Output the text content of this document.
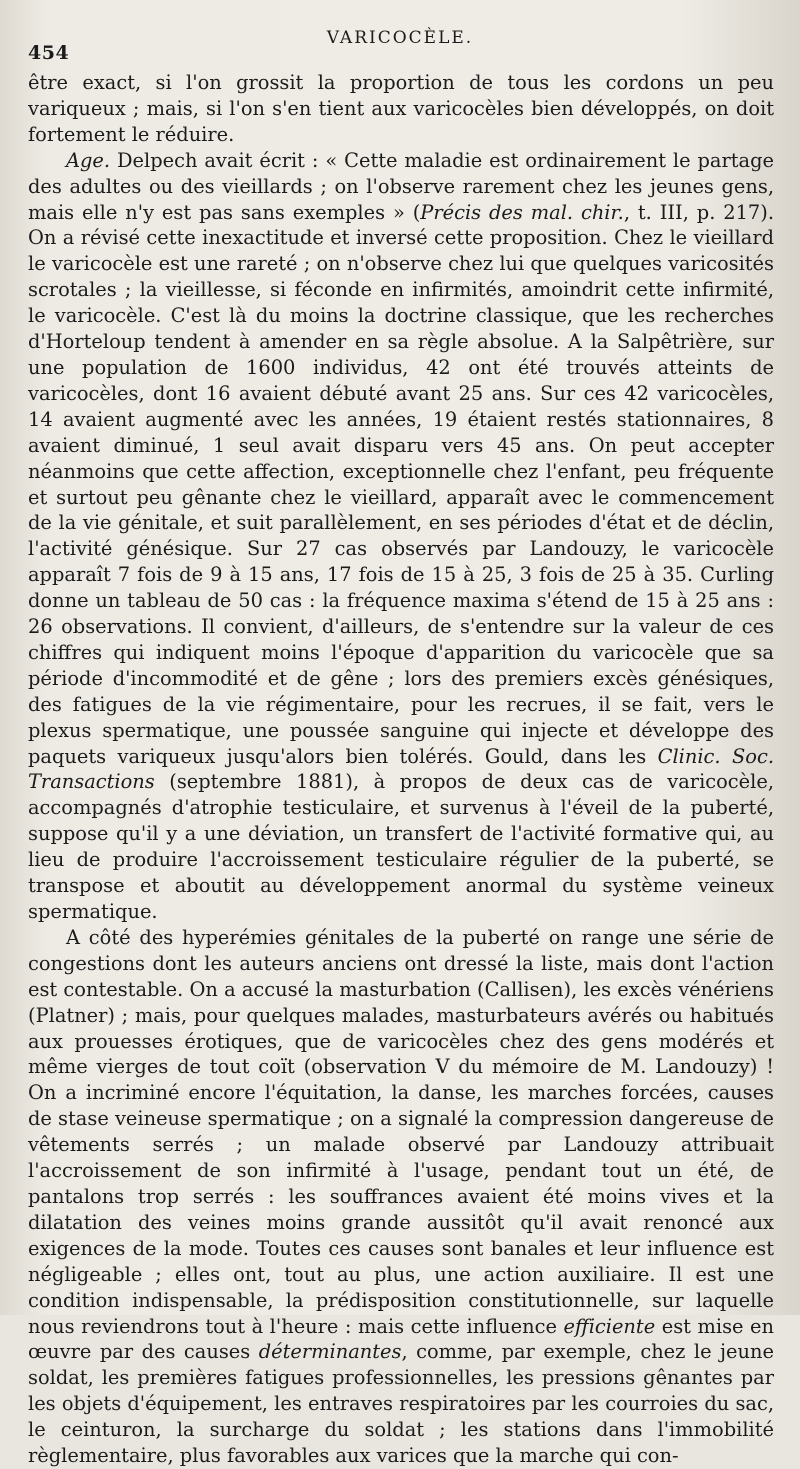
454
VARICOCÈLE.

être exact, si l'on grossit la proportion de tous les cordons un peu variqueux ; mais, si l'on s'en tient aux varicocèles bien développés, on doit fortement le réduire.

Age. Delpech avait écrit : « Cette maladie est ordinairement le partage des adultes ou des vieillards ; on l'observe rarement chez les jeunes gens, mais elle n'y est pas sans exemples » (Précis des mal. chir., t. III, p. 217). On a révisé cette inexactitude et inversé cette proposition. Chez le vieillard le varicocèle est une rareté ; on n'observe chez lui que quelques varicosités scrotales ; la vieillesse, si féconde en infirmités, amoindrit cette infirmité, le varicocèle. C'est là du moins la doctrine classique, que les recherches d'Horteloup tendent à amender en sa règle absolue. A la Salpêtrière, sur une population de 1600 individus, 42 ont été trouvés atteints de varicocèles, dont 16 avaient débuté avant 25 ans. Sur ces 42 varicocèles, 14 avaient augmenté avec les années, 19 étaient restés stationnaires, 8 avaient diminué, 1 seul avait disparu vers 45 ans. On peut accepter néanmoins que cette affection, exceptionnelle chez l'enfant, peu fréquente et surtout peu gênante chez le vieillard, apparaît avec le commencement de la vie génitale, et suit parallèlement, en ses périodes d'état et de déclin, l'activité génésique. Sur 27 cas observés par Landouzy, le varicocèle apparaît 7 fois de 9 à 15 ans, 17 fois de 15 à 25, 3 fois de 25 à 35. Curling donne un tableau de 50 cas : la fréquence maxima s'étend de 15 à 25 ans : 26 observations. Il convient, d'ailleurs, de s'entendre sur la valeur de ces chiffres qui indiquent moins l'époque d'apparition du varicocèle que sa période d'incommodité et de gêne ; lors des premiers excès génésiques, des fatigues de la vie régimentaire, pour les recrues, il se fait, vers le plexus spermatique, une poussée sanguine qui injecte et développe des paquets variqueux jusqu'alors bien tolérés. Gould, dans les Clinic. Soc. Transactions (septembre 1881), à propos de deux cas de varicocèle, accompagnés d'atrophie testiculaire, et survenus à l'éveil de la puberté, suppose qu'il y a une déviation, un transfert de l'activité formative qui, au lieu de produire l'accroissement testiculaire régulier de la puberté, se transpose et aboutit au développement anormal du système veineux spermatique.

A côté des hyperémies génitales de la puberté on range une série de congestions dont les auteurs anciens ont dressé la liste, mais dont l'action est contestable. On a accusé la masturbation (Callisen), les excès vénériens (Platner) ; mais, pour quelques malades, masturbateurs avérés ou habitués aux prouesses érotiques, que de varicocèles chez des gens modérés et même vierges de tout coït (observation V du mémoire de M. Landouzy) ! On a incriminé encore l'équitation, la danse, les marches forcées, causes de stase veineuse spermatique ; on a signalé la compression dangereuse de vêtements serrés ; un malade observé par Landouzy attribuait l'accroissement de son infirmité à l'usage, pendant tout un été, de pantalons trop serrés : les souffrances avaient été moins vives et la dilatation des veines moins grande aussitôt qu'il avait renoncé aux exigences de la mode. Toutes ces causes sont banales et leur influence est négligeable ; elles ont, tout au plus, une action auxiliaire. Il est une condition indispensable, la prédisposition constitutionnelle, sur laquelle nous reviendrons tout à l'heure : mais cette influence efficiente est mise en œuvre par des causes déterminantes, comme, par exemple, chez le jeune soldat, les premières fatigues professionnelles, les pressions gênantes par les objets d'équipement, les entraves respiratoires par les courroies du sac, le ceinturon, la surcharge du soldat ; les stations dans l'immobilité règlementaire, plus favorables aux varices que la marche qui con-
